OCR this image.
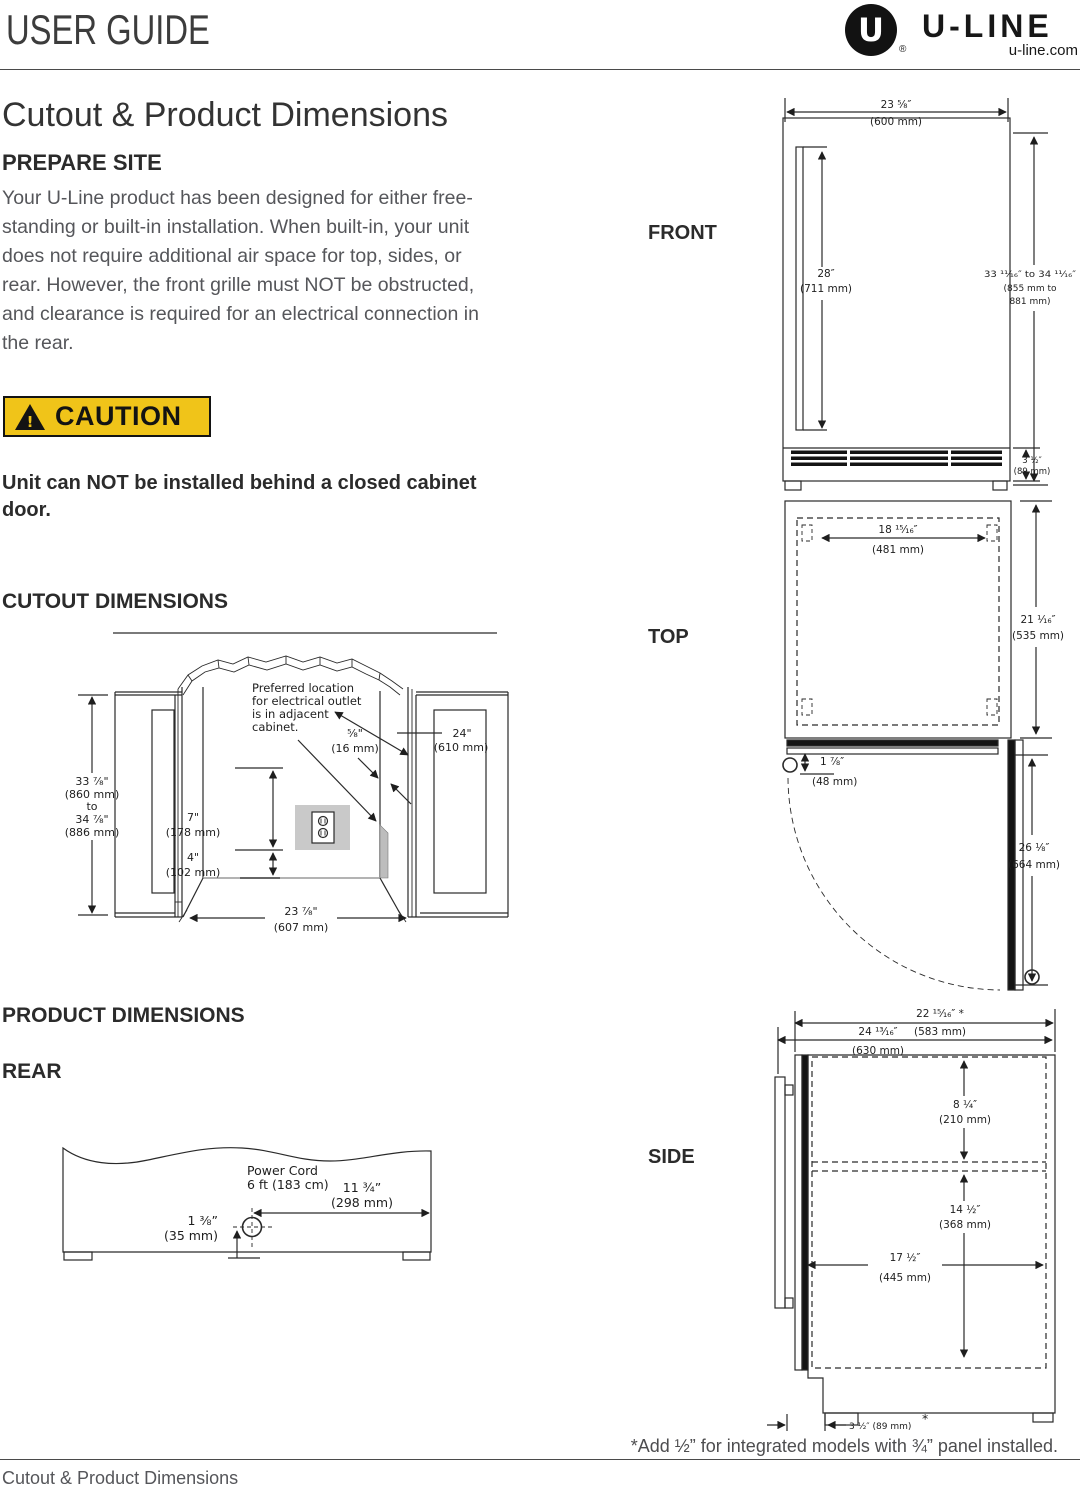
USER GUIDE	U
®
U-LINE
u-line.com
Cutout & Product Dimensions
PREPARE SITE
Your U-Line product has been designed for either free-standing or built-in installation. When built-in, your unit does not require additional air space for top, sides, or rear. However, the front grille must NOT be obstructed, and clearance is required for an electrical connection in the rear.
! CAUTION
Unit can NOT be installed behind a closed cabinet door.
CUTOUT DIMENSIONS
33 ⁷⁄₈"
(860 mm)
to
34 ⁷⁄₈"
(886 mm)
Preferred location
for electrical outlet
is in adjacent
cabinet.	⁵⁄₈"
(16 mm)
24"
(610 mm)
7"
(178 mm)
4"
(102 mm)
23 ⁷⁄₈"
(607 mm)
PRODUCT DIMENSIONS
REAR
Power Cord
6 ft (183 cm) 11 ¾”
(298 mm)
1 ⅜”
(35 mm)
FRONT
23 ⁵⁄₈″
(600 mm)
28″
(711 mm)
33 ¹¹⁄₁₆″ to 34 ¹¹⁄₁₆″
(855 mm to
881 mm)
3 ½″
(89 mm)
TOP
18 ¹⁵⁄₁₆″
(481 mm)
21 ¹⁄₁₆″
(535 mm)
1 ⅞″
(48 mm)
26 ⅛″
(664 mm)
SIDE
22 ¹⁵⁄₁₆″ *
(583 mm)
24 ¹³⁄₁₆″
(630 mm)
8 ¼″
(210 mm)
14 ½″
(368 mm)
17 ½″
(445 mm)
3 ½″ (89 mm)
*
*Add ½” for integrated models with ¾” panel installed.
Cutout & Product Dimensions
